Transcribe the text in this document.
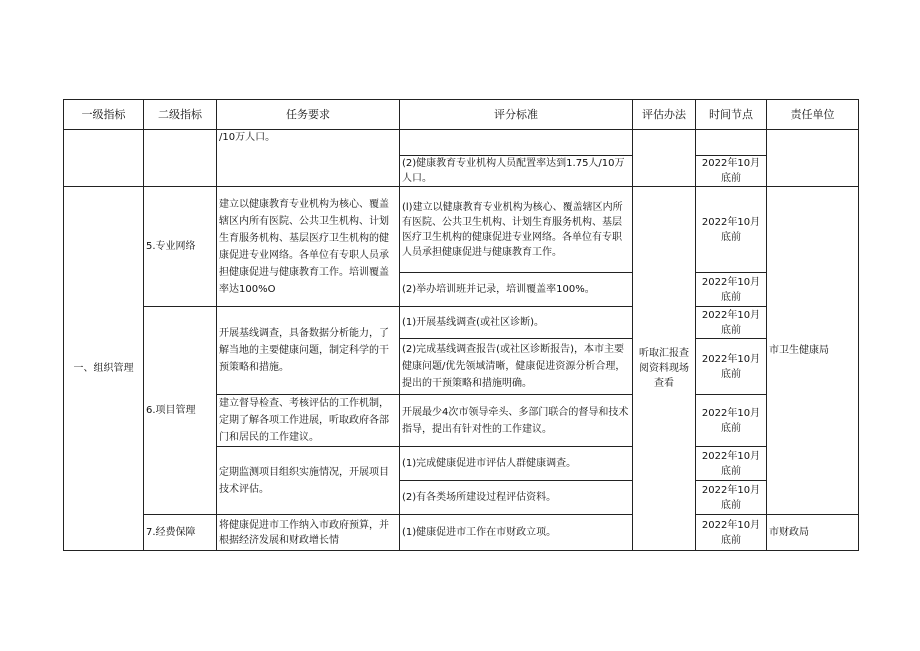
一级指标	二级指标	任务要求	评分标准	评估办法	时间节点	责任单位
		/10万人口。				
			(2)健康教育专业机构人员配置率达到1.75人/10万人口。		2022年10月底前	
一、组织管理	5.专业网络	建立以健康教育专业机构为核心、覆盖辖区内所有医院、公共卫生机构、计划生育服务机构、基层医疗卫生机构的健康促进专业网络。各单位有专职人员承担健康促进与健康教育工作。培训覆盖率达100%O	(l)建立以健康教育专业机构为核心、覆盖辖区内所有医院、公共卫生机构、计划生育服务机构、基层医疗卫生机构的健康促进专业网络。各单位有专职人员承担健康促进与健康教育工作。	听取汇报查阅资料现场查看	2022年10月底前	市卫生健康局
			(2)举办培训班并记录，培训覆盖率100%。		2022年10月底前	
	6.项目管理	开展基线调查，具备数据分析能力，了解当地的主要健康问题，制定科学的干预策略和措施。	(1)开展基线调查(或社区诊断)。		2022年10月底前	
			(2)完成基线调查报告(或社区诊断报告)，本市主要健康问题/优先领域清晰，健康促进资源分析合理，提出的干预策略和措施明确。		2022年10月底前	
		建立督导检查、考核评估的工作机制，定期了解各项工作进展，听取政府各部门和居民的工作建议。	开展最少4次市领导牵头、多部门联合的督导和技术指导，提出有针对性的工作建议。		2022年10月底前	
		定期监测项目组织实施情况，开展项目技术评估。	(1)完成健康促进市评估人群健康调查。		2022年10月底前	
			(2)有各类场所建设过程评估资料。		2022年10月底前	

	7.经费保障	将健康促进市工作纳入市政府预算，并根据经济发展和财政增长情	(1)健康促进市工作在市财政立项。		2022年10月底前	市财政局
